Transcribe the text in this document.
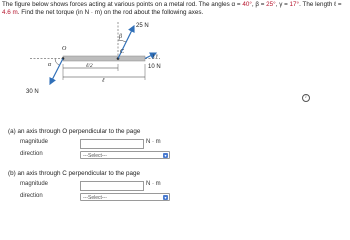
The figure below shows forces acting at various points on a metal rod. The angles α = 40°, β = 25°, γ = 17°. The length ℓ = 4.6 m. Find the net torque (in N · m) on the rod about the following axes.
O	C
β
α
γ
ℓ/2
ℓ
25 N
10 N
30 N
i
(a) an axis through O perpendicular to the page
magnitude	N · m
direction	---Select---	▾
(b) an axis through C perpendicular to the page
magnitude	N · m
direction	---Select---	▾
